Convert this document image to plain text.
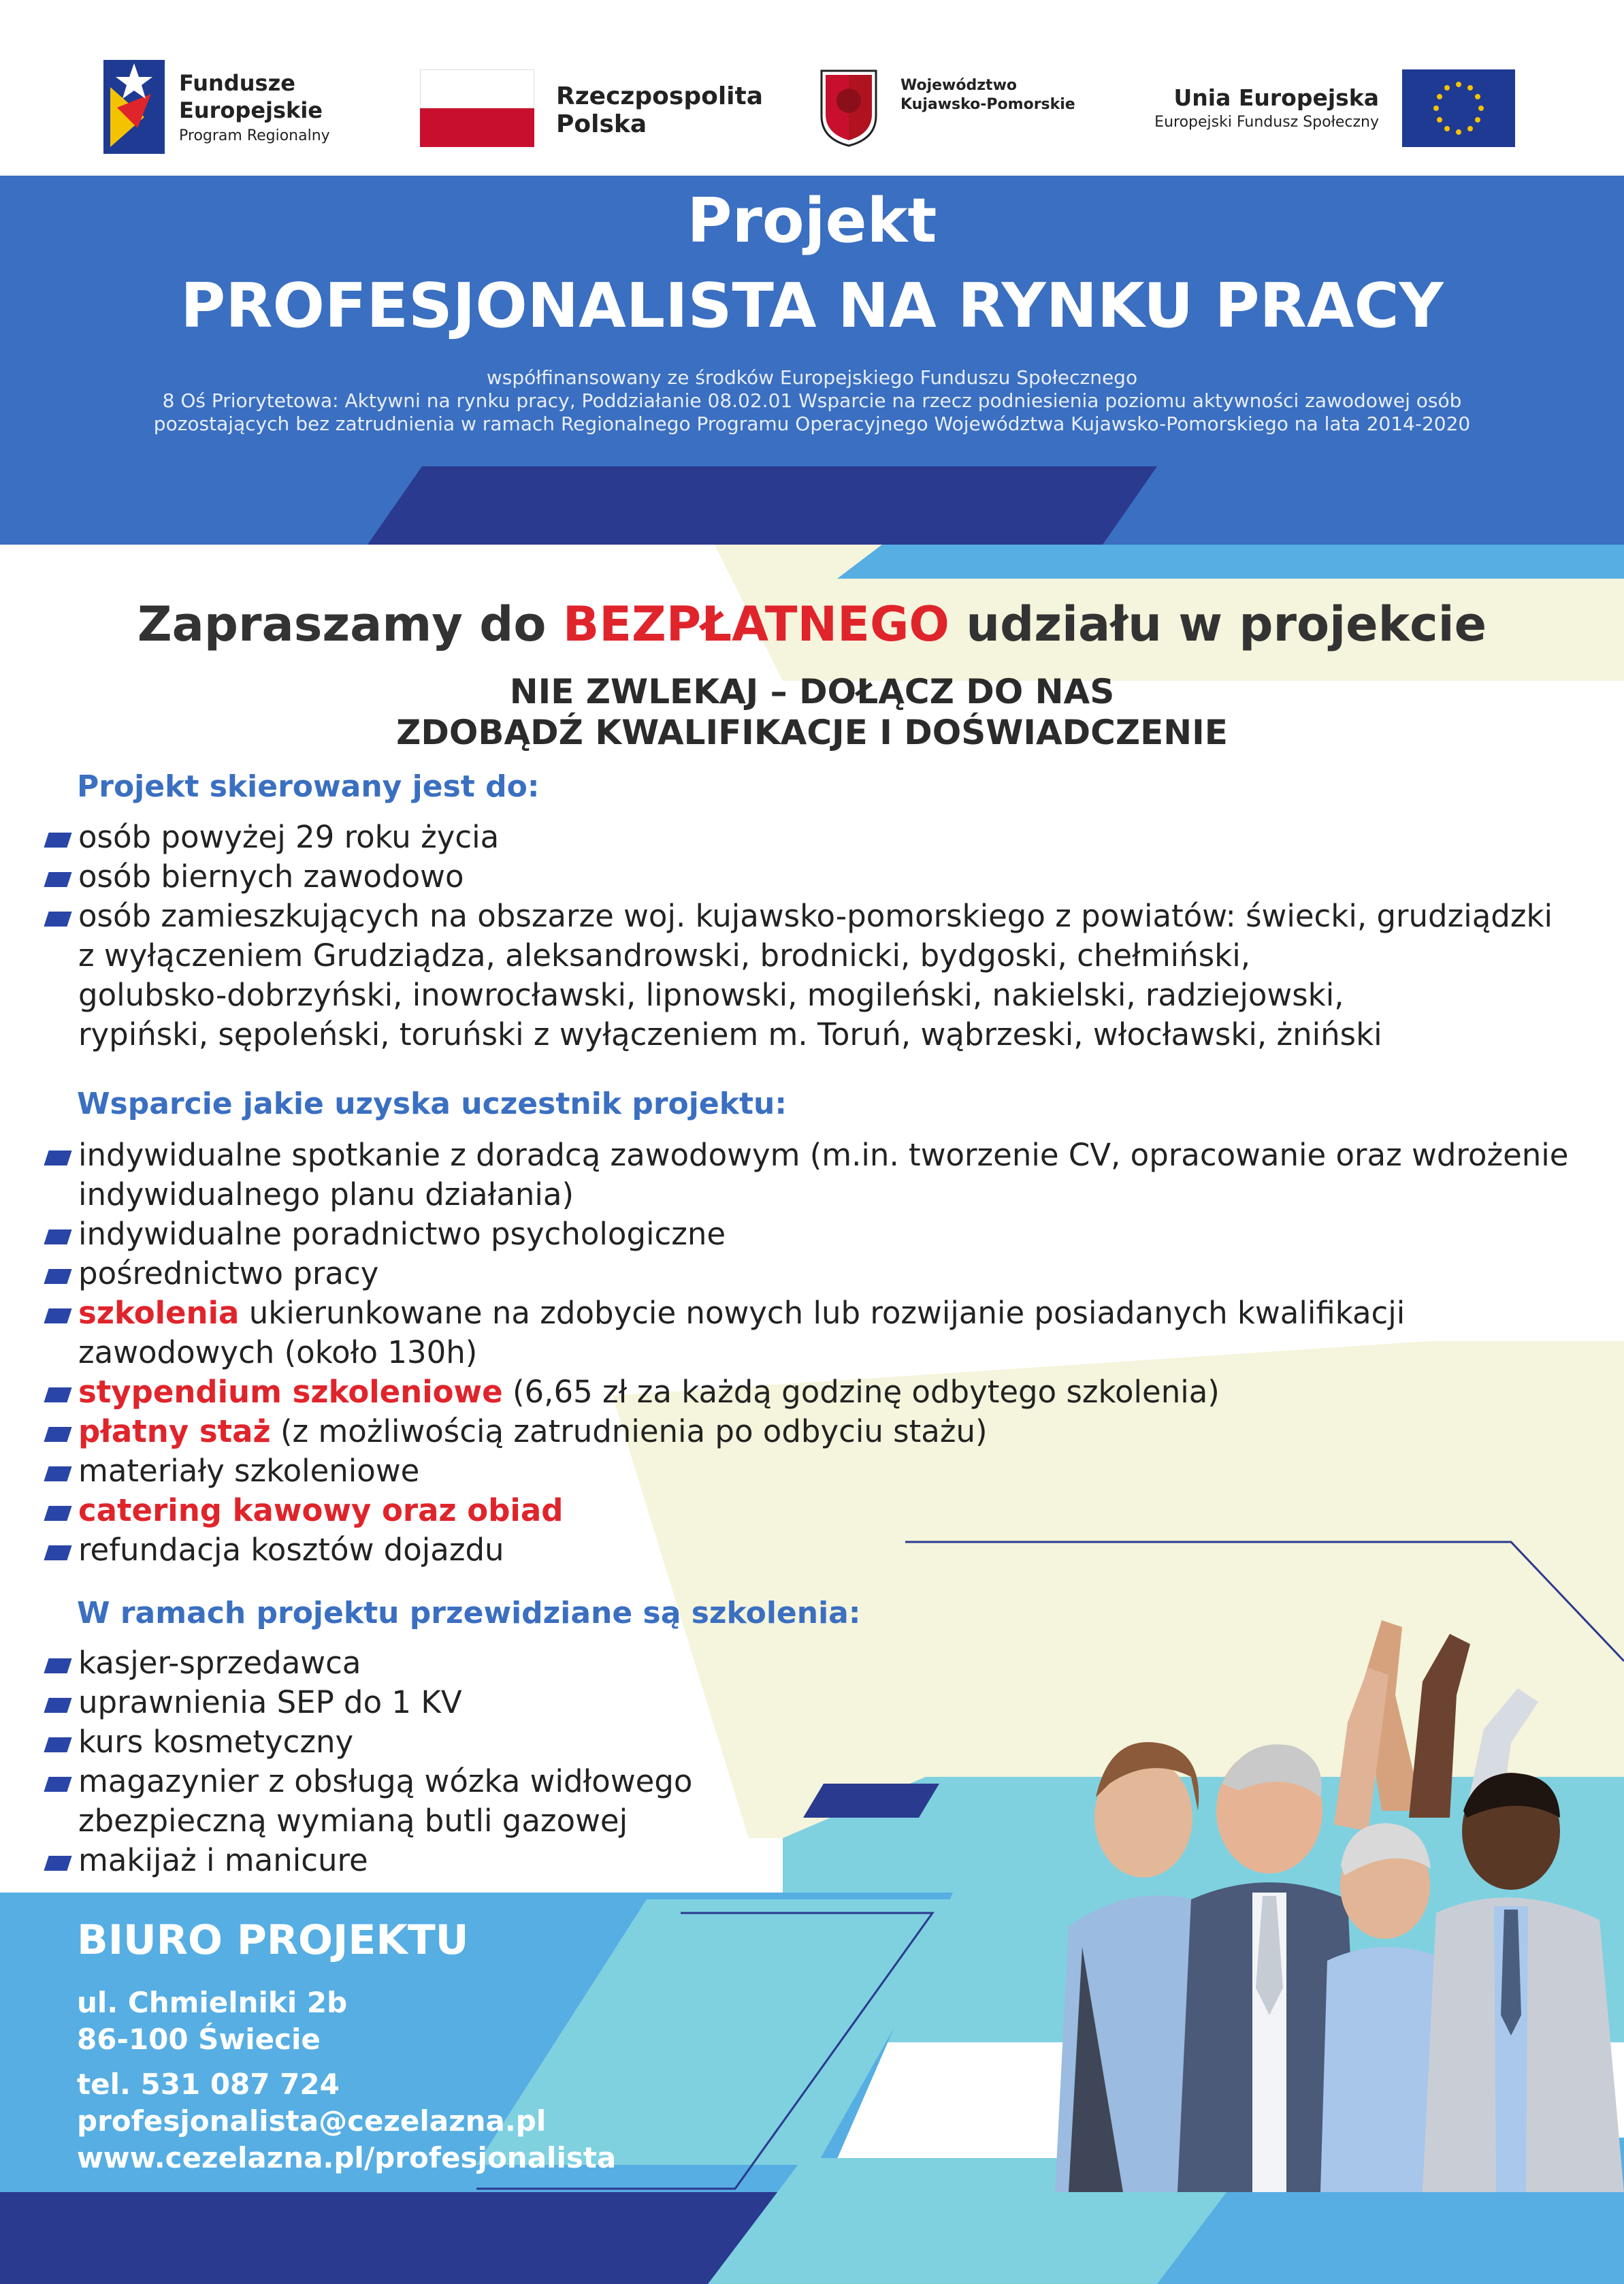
Fundusze
Europejskie
Program Regionalny
Rzeczpospolita
Polska
Województwo
Kujawsko-Pomorskie	Unia Europejska
Europejski Fundusz Społeczny
Projekt
PROFESJONALISTA NA RYNKU PRACY
współfinansowany ze środków Europejskiego Funduszu Społecznego
8 Oś Priorytetowa: Aktywni na rynku pracy, Poddziałanie 08.02.01 Wsparcie na rzecz podniesienia poziomu aktywności zawodowej osób
pozostających bez zatrudnienia w ramach Regionalnego Programu Operacyjnego Województwa Kujawsko-Pomorskiego na lata 2014-2020
Zapraszamy do BEZPŁATNEGO udziału w projekcie
NIE ZWLEKAJ – DOŁĄCZ DO NAS
ZDOBĄDŹ KWALIFIKACJE I DOŚWIADCZENIE
Projekt skierowany jest do:
osób powyżej 29 roku życia
osób biernych zawodowo
osób zamieszkujących na obszarze woj. kujawsko-pomorskiego z powiatów: świecki, grudziądzki
z wyłączeniem Grudziądza, aleksandrowski, brodnicki, bydgoski, chełmiński,
golubsko-dobrzyński, inowrocławski, lipnowski, mogileński, nakielski, radziejowski,
rypiński, sępoleński, toruński z wyłączeniem m. Toruń, wąbrzeski, włocławski, żniński
Wsparcie jakie uzyska uczestnik projektu:
indywidualne spotkanie z doradcą zawodowym (m.in. tworzenie CV, opracowanie oraz wdrożenie
indywidualnego planu działania)
indywidualne poradnictwo psychologiczne
pośrednictwo pracy
szkolenia ukierunkowane na zdobycie nowych lub rozwijanie posiadanych kwalifikacji
zawodowych (około 130h)
stypendium szkoleniowe (6,65 zł za każdą godzinę odbytego szkolenia)
płatny staż (z możliwością zatrudnienia po odbyciu stażu)
materiały szkoleniowe
catering kawowy oraz obiad
refundacja kosztów dojazdu
W ramach projektu przewidziane są szkolenia:
kasjer-sprzedawca
uprawnienia SEP do 1 KV
kurs kosmetyczny
magazynier z obsługą wózka widłowego
zbezpieczną wymianą butli gazowej
makijaż i manicure
BIURO PROJEKTU
ul. Chmielniki 2b
86-100 Świecie
tel. 531 087 724
profesjonalista@cezelazna.pl
www.cezelazna.pl/profesjonalista
